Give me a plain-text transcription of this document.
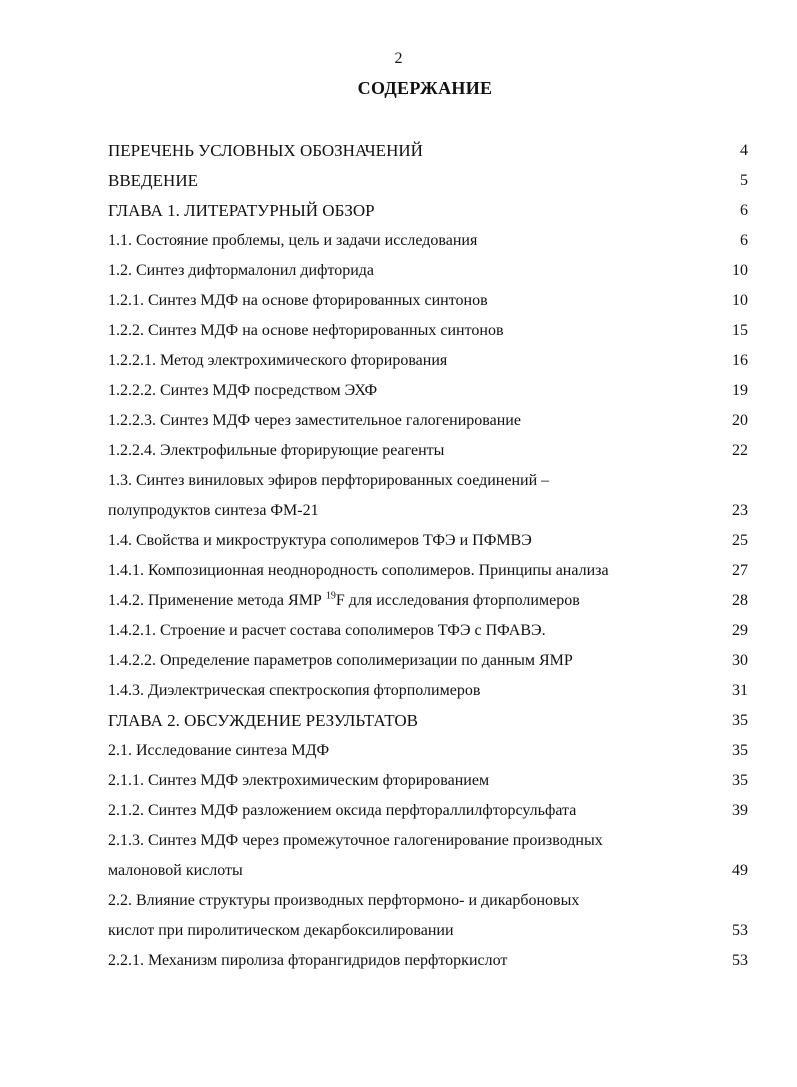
2
СОДЕРЖАНИЕ
ПЕРЕЧЕНЬ УСЛОВНЫХ ОБОЗНАЧЕНИЙ	4
ВВЕДЕНИЕ	5
ГЛАВА 1. ЛИТЕРАТУРНЫЙ ОБЗОР	6
1.1. Состояние проблемы, цель и задачи исследования	6
1.2. Синтез дифтормалонил дифторида	10
1.2.1. Синтез МДФ на основе фторированных синтонов	10
1.2.2. Синтез МДФ на основе нефторированных синтонов	15
1.2.2.1. Метод электрохимического фторирования	16
1.2.2.2. Синтез МДФ посредством ЭХФ	19
1.2.2.3. Синтез МДФ через заместительное галогенирование	20
1.2.2.4. Электрофильные фторирующие реагенты	22
1.3. Синтез виниловых эфиров перфторированных соединений –
полупродуктов синтеза ФМ-21	23
1.4. Свойства и микроструктура сополимеров ТФЭ и ПФМВЭ	25
1.4.1. Композиционная неоднородность сополимеров. Принципы анализа	27
1.4.2. Применение метода ЯМР $^{19}$F для исследования фторполимеров	28
1.4.2.1. Строение и расчет состава сополимеров ТФЭ с ПФАВЭ.	29
1.4.2.2. Определение параметров сополимеризации по данным ЯМР	30
1.4.3. Диэлектрическая спектроскопия фторполимеров	31
ГЛАВА 2. ОБСУЖДЕНИЕ РЕЗУЛЬТАТОВ	35
2.1. Исследование синтеза МДФ	35
2.1.1. Синтез МДФ электрохимическим фторированием	35
2.1.2. Синтез МДФ разложением оксида перфтораллилфторсульфата	39
2.1.3. Синтез МДФ через промежуточное галогенирование производных
малоновой кислоты	49
2.2. Влияние структуры производных перфтормоно- и дикарбоновых
кислот при пиролитическом декарбоксилировании	53
2.2.1. Механизм пиролиза фторангидридов перфторкислот	53
